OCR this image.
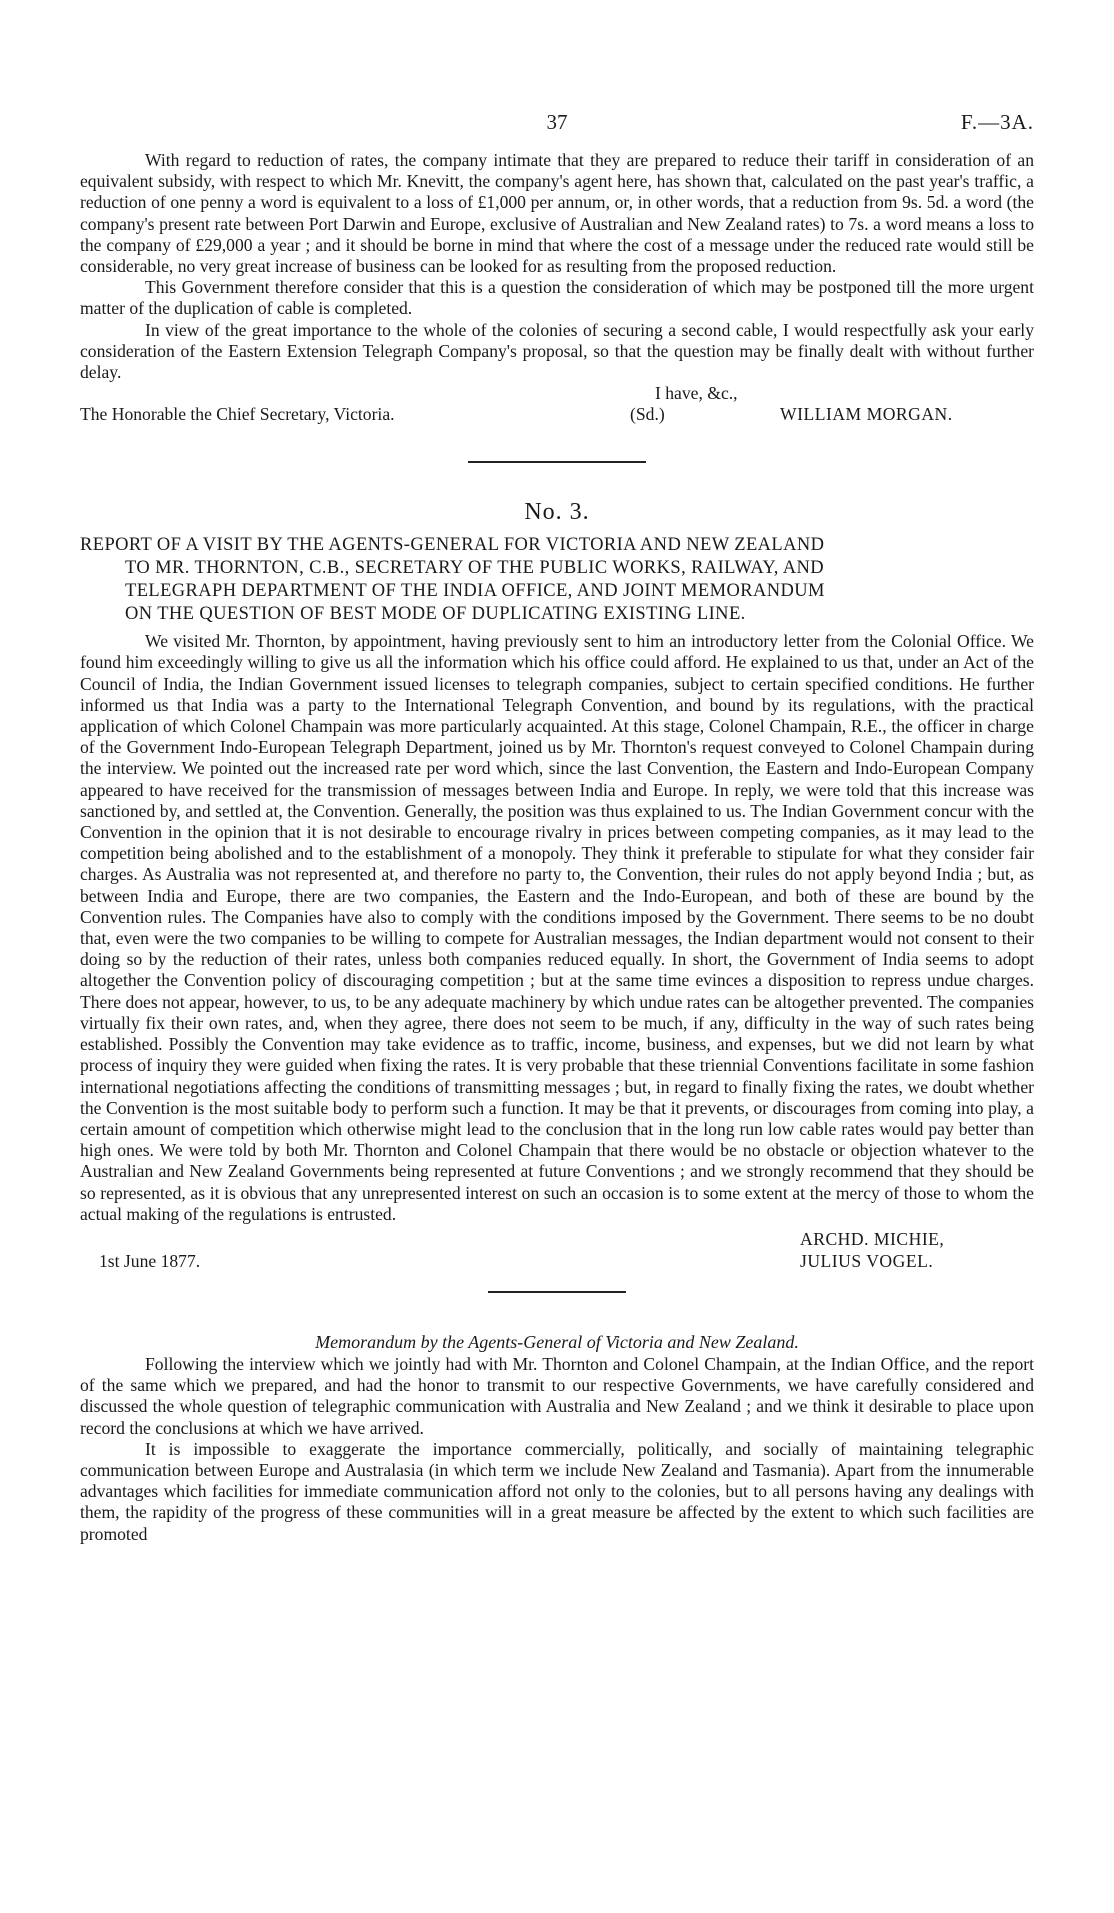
37	F.—3A.

With regard to reduction of rates, the company intimate that they are prepared to reduce their tariff in consideration of an equivalent subsidy, with respect to which Mr. Knevitt, the company's agent here, has shown that, calculated on the past year's traffic, a reduction of one penny a word is equivalent to a loss of £1,000 per annum, or, in other words, that a reduction from 9s. 5d. a word (the company's present rate between Port Darwin and Europe, exclusive of Australian and New Zealand rates) to 7s. a word means a loss to the company of £29,000 a year ; and it should be borne in mind that where the cost of a message under the reduced rate would still be considerable, no very great increase of business can be looked for as resulting from the proposed reduction.

This Government therefore consider that this is a question the consideration of which may be postponed till the more urgent matter of the duplication of cable is completed.

In view of the great importance to the whole of the colonies of securing a second cable, I would respectfully ask your early consideration of the Eastern Extension Telegraph Company's proposal, so that the question may be finally dealt with without further delay.

I have, &c.,
The Honorable the Chief Secretary, Victoria.	(Sd.)	WILLIAM MORGAN.
No. 3.
REPORT OF A VISIT BY THE AGENTS-GENERAL FOR VICTORIA AND NEW ZEALAND
TO MR. THORNTON, C.B., SECRETARY OF THE PUBLIC WORKS, RAILWAY, AND
TELEGRAPH DEPARTMENT OF THE INDIA OFFICE, AND JOINT MEMORANDUM
ON THE QUESTION OF BEST MODE OF DUPLICATING EXISTING LINE.

We visited Mr. Thornton, by appointment, having previously sent to him an introductory letter from the Colonial Office. We found him exceedingly willing to give us all the information which his office could afford. He explained to us that, under an Act of the Council of India, the Indian Government issued licenses to telegraph companies, subject to certain specified conditions. He further informed us that India was a party to the International Telegraph Convention, and bound by its regulations, with the practical application of which Colonel Champain was more particularly acquainted. At this stage, Colonel Champain, R.E., the officer in charge of the Government Indo-European Telegraph Department, joined us by Mr. Thornton's request conveyed to Colonel Champain during the interview. We pointed out the increased rate per word which, since the last Convention, the Eastern and Indo-European Company appeared to have received for the transmission of messages between India and Europe. In reply, we were told that this increase was sanctioned by, and settled at, the Convention. Generally, the position was thus explained to us. The Indian Government concur with the Convention in the opinion that it is not desirable to encourage rivalry in prices between competing companies, as it may lead to the competition being abolished and to the establishment of a monopoly. They think it preferable to stipulate for what they consider fair charges. As Australia was not represented at, and therefore no party to, the Convention, their rules do not apply beyond India ; but, as between India and Europe, there are two companies, the Eastern and the Indo-European, and both of these are bound by the Convention rules. The Companies have also to comply with the conditions imposed by the Government. There seems to be no doubt that, even were the two companies to be willing to compete for Australian messages, the Indian department would not consent to their doing so by the reduction of their rates, unless both companies reduced equally. In short, the Government of India seems to adopt altogether the Convention policy of discouraging competition ; but at the same time evinces a disposition to repress undue charges. There does not appear, however, to us, to be any adequate machinery by which undue rates can be altogether prevented. The companies virtually fix their own rates, and, when they agree, there does not seem to be much, if any, difficulty in the way of such rates being established. Possibly the Convention may take evidence as to traffic, income, business, and expenses, but we did not learn by what process of inquiry they were guided when fixing the rates. It is very probable that these triennial Conventions facilitate in some fashion international negotiations affecting the conditions of transmitting messages ; but, in regard to finally fixing the rates, we doubt whether the Convention is the most suitable body to perform such a function. It may be that it prevents, or discourages from coming into play, a certain amount of competition which otherwise might lead to the conclusion that in the long run low cable rates would pay better than high ones. We were told by both Mr. Thornton and Colonel Champain that there would be no obstacle or objection whatever to the Australian and New Zealand Governments being represented at future Conventions ; and we strongly recommend that they should be so represented, as it is obvious that any unrepresented interest on such an occasion is to some extent at the mercy of those to whom the actual making of the regulations is entrusted.

ARCHD. MICHIE,
1st June 1877.	JULIUS VOGEL.
Memorandum by the Agents-General of Victoria and New Zealand.

Following the interview which we jointly had with Mr. Thornton and Colonel Champain, at the Indian Office, and the report of the same which we prepared, and had the honor to transmit to our respective Governments, we have carefully considered and discussed the whole question of telegraphic communication with Australia and New Zealand ; and we think it desirable to place upon record the conclusions at which we have arrived.

It is impossible to exaggerate the importance commercially, politically, and socially of maintaining telegraphic communication between Europe and Australasia (in which term we include New Zealand and Tasmania). Apart from the innumerable advantages which facilities for immediate communication afford not only to the colonies, but to all persons having any dealings with them, the rapidity of the progress of these communities will in a great measure be affected by the extent to which such facilities are promoted
